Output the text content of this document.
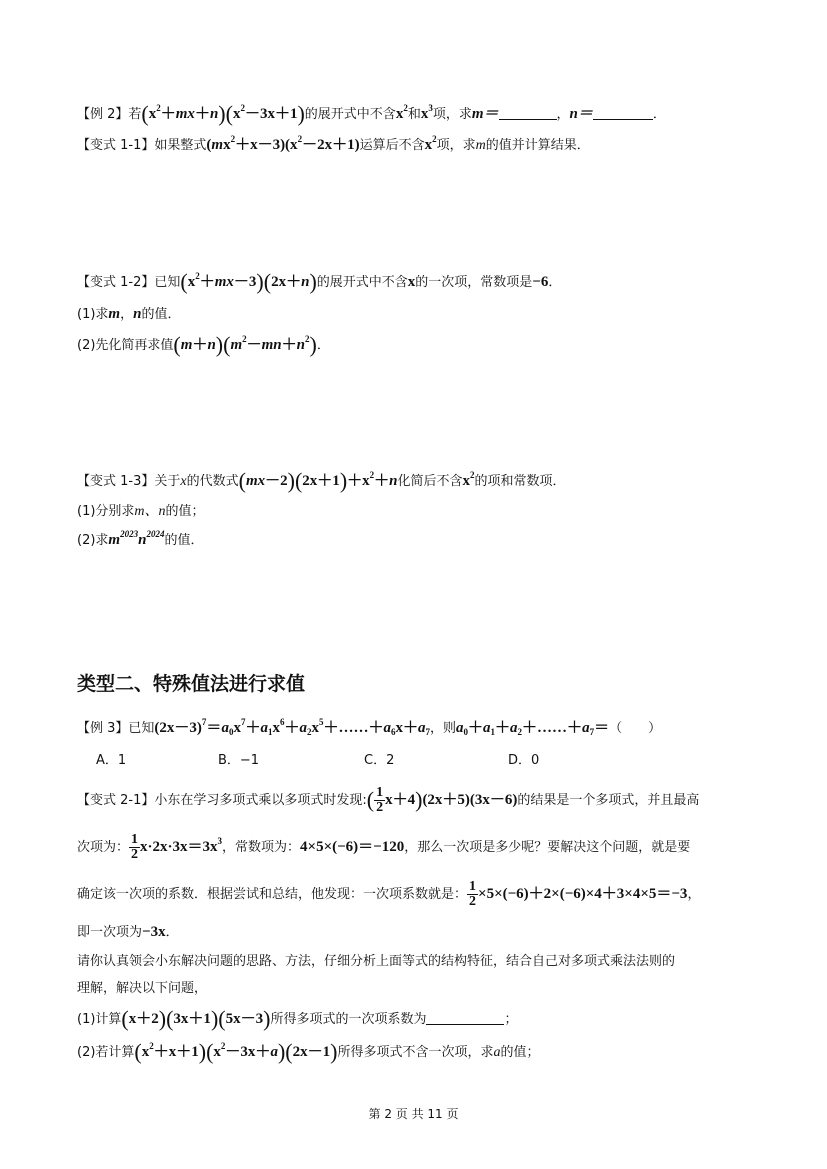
【例 2】若$(x^2+mx+n)(x^2-3x+1)$的展开式中不含$x^2$和$x^3$项，求m＝	，n＝	．
【变式 1-1】如果整式$(mx^2+x-3)(x^2-2x+1)$运算后不含$x^2$项，求m的值并计算结果．
【变式 1-2】已知$(x^2+mx-3)(2x+n)$的展开式中不含x的一次项，常数项是−6．
(1)求m，n的值．
(2)先化简再求值$(m+n)(m^2-mn+n^2)$．
【变式 1-3】关于x的代数式$(mx-2)(2x+1)+x^2+n$化简后不含$x^2$的项和常数项．
(1)分别求m、n的值；
(2)求$m^{2023}n^{2024}$的值．
类型二、特殊值法进行求值
【例 3】已知$(2x-3)^7=a_0x^7+a_1x^6+a_2x^5+\dots\dots+a_6x+a_7$，则$a_0+a_1+a_2+\dots\dots+a_7=$（　　）
A．1	B．−1	C．2	D．0
【变式 2-1】小东在学习多项式乘以多项式时发现:( $\frac{1}{2} x+4)(2x+5)(3x-6)$的结果是一个多项式，并且最高
次项为： $\frac{1}{2} x\cdot 2x\cdot 3x=3x^3$，常数项为：4×5×(−6)＝−120，那么一次项是多少呢？要解决这个问题，就是要
确定该一次项的系数．根据尝试和总结，他发现：一次项系数就是： $\frac{1}{2} \times 5\times(-6)+2\times(-6)\times 4+3\times 4\times 5=-3$，
即一次项为−3x．
请你认真领会小东解决问题的思路、方法，仔细分析上面等式的结构特征，结合自己对多项式乘法法则的
理解，解决以下问题，
(1)计算(x＋2)(3x＋1)(5x－3)所得多项式的一次项系数为	；
(2)若计算$(x^2+x+1)(x^2-3x+a)(2x-1)$所得多项式不含一次项，求a的值；
第 2 页 共 11 页
